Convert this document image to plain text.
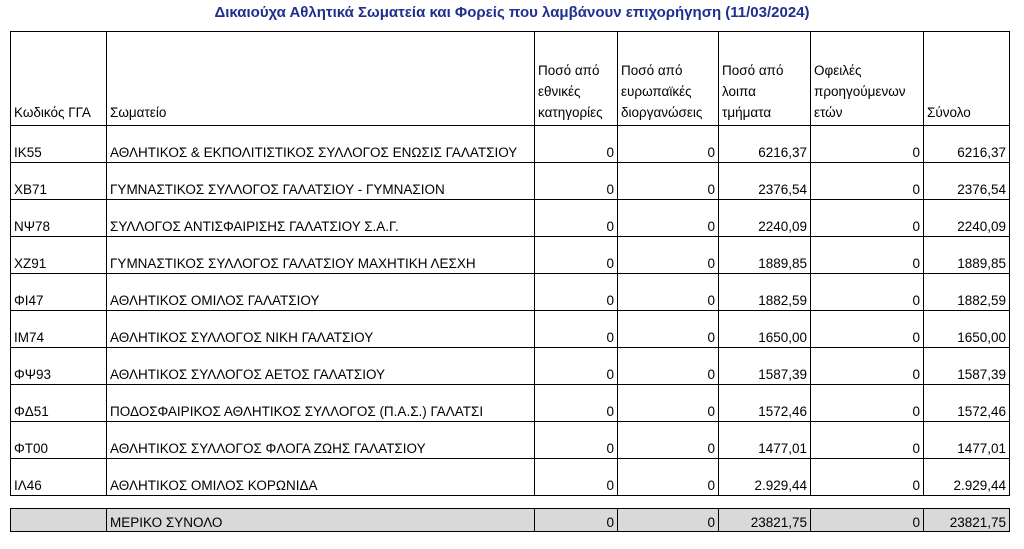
Δικαιούχα Αθλητικά Σωματεία και Φορείς που λαμβάνουν επιχορήγηση (11/03/2024)
Κωδικός ΓΓΑ	Σωματείο	Ποσό από εθνικές κατηγορίες	Ποσό από ευρωπαϊκές διοργανώσεις	Ποσό από λοιπα τμήματα	Οφειλές προηγούμενων ετών	Σύνολο
ΙΚ55	ΑΘΛΗΤΙΚΟΣ & ΕΚΠΟΛΙΤΙΣΤΙΚΟΣ ΣΥΛΛΟΓΟΣ ΕΝΩΣΙΣ ΓΑΛΑΤΣΙΟΥ	0	0	6216,37	0	6216,37
ΧΒ71	ΓΥΜΝΑΣΤΙΚΟΣ ΣΥΛΛΟΓΟΣ ΓΑΛΑΤΣΙΟΥ - ΓΥΜΝΑΣΙΟΝ	0	0	2376,54	0	2376,54
ΝΨ78	ΣΥΛΛΟΓΟΣ ΑΝΤΙΣΦΑΙΡΙΣΗΣ ΓΑΛΑΤΣΙΟΥ Σ.Α.Γ.	0	0	2240,09	0	2240,09
ΧΖ91	ΓΥΜΝΑΣΤΙΚΟΣ ΣΥΛΛΟΓΟΣ ΓΑΛΑΤΣΙΟΥ ΜΑΧΗΤΙΚΗ ΛΕΣΧΗ	0	0	1889,85	0	1889,85
ΦΙ47	ΑΘΛΗΤΙΚΟΣ ΟΜΙΛΟΣ ΓΑΛΑΤΣΙΟΥ	0	0	1882,59	0	1882,59
ΙΜ74	ΑΘΛΗΤΙΚΟΣ ΣΥΛΛΟΓΟΣ ΝΙΚΗ ΓΑΛΑΤΣΙΟΥ	0	0	1650,00	0	1650,00
ΦΨ93	ΑΘΛΗΤΙΚΟΣ ΣΥΛΛΟΓΟΣ ΑΕΤΟΣ ΓΑΛΑΤΣΙΟΥ	0	0	1587,39	0	1587,39
ΦΔ51	ΠΟΔΟΣΦΑΙΡΙΚΟΣ ΑΘΛΗΤΙΚΟΣ ΣΥΛΛΟΓΟΣ (Π.Α.Σ.) ΓΑΛΑΤΣΙ	0	0	1572,46	0	1572,46
ΦΤ00	ΑΘΛΗΤΙΚΟΣ ΣΥΛΛΟΓΟΣ ΦΛΟΓΑ ΖΩΗΣ ΓΑΛΑΤΣΙΟΥ	0	0	1477,01	0	1477,01
ΙΛ46	ΑΘΛΗΤΙΚΟΣ ΟΜΙΛΟΣ ΚΟΡΩΝΙΔΑ	0	0	2.929,44	0	2.929,44
	ΜΕΡΙΚΟ ΣΥΝΟΛΟ	0	0	23821,75	0	23821,75
